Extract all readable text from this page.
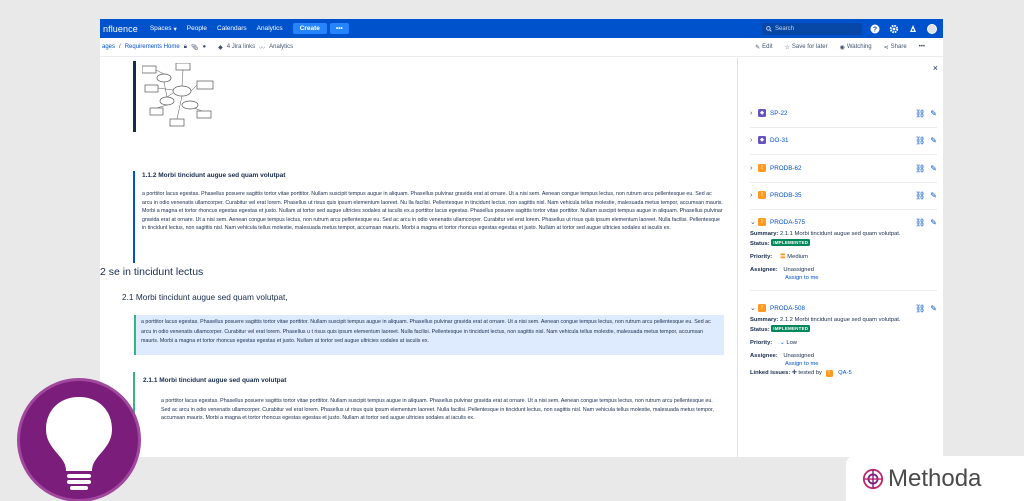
nfluence Spaces ▾ People Calendars Analytics	Create	•••	Search	?
ages / Requirements Home 🔒︎ 📎︎ ● ◆ 4 Jira links 〰 Analytics	✎ Edit ☆ Save for later ◉ Watching ⋖ Share •••
1.1.2 Morbi tincidunt augue sed quam volutpat

a porttitor lacus egestas. Phasellus posuere sagittis tortor vitae porttitor. Nullam suscipit tempus augue in aliquam. Phasellus pulvinar gravida erat at ornare. Ut a nisi sem. Aenean congue tempus lectus, non rutrum arcu pellentesque eu. Sed ac arcu in odio venenatis ullamcorper. Curabitur vel erat lorem. Phasellus ut risus quis ipsum elementum laoreet. Nu lla facilisi. Pellentesque in tincidunt lectus, non sagittis nisl. Nam vehicula tellus molestie, malesuada metus tempor, accumsan mauris. Morbi a magna et tortor rhoncus egestas egestas et justo. Nullam at tortor sed augue ultricies sodales at iaculis ex.a porttitor lacus egestas. Phasellus posuere sagittis tortor vitae porttitor. Nullam suscipit tempus augue in aliquam. Phasellus pulvinar gravida erat at ornare. Ut a nisi sem. Aenean congue tempus lectus, non rutrum arcu pellentesque eu. Sed ac arcu in odio venenatis ullamcorper. Curabitur vel erat lorem. Phasellus ut risus quis ipsum elementum laoreet. Nulla facilisi. Pellentesque in tincidunt lectus, non sagittis nisl. Nam vehicula tellus molestie, malesuada metus tempor, accumsan mauris. Morbi a magna et tortor rhoncus egestas egestas et justo. Nullam at tortor sed augue ultricies sodales at iaculis ex.

2 se in tincidunt lectus
2.1 Morbi tincidunt augue sed quam volutpat,

a porttitor lacus egestas. Phasellus posuere sagittis tortor vitae porttitor. Nullam suscipit tempus augue in aliquam. Phasellus pulvinar gravida erat at ornare. Ut a nisi sem. Aenean congue tempus lectus, non rutrum arcu pellentesque eu. Sed ac arcu in odio venenatis ullamcorper. Curabitur vel erat lorem. Phasellus u t risus quis ipsum elementum laoreet. Nulla facilisi. Pellentesque in tincidunt lectus, non sagittis nisl. Nam vehicula tellus molestie, malesuada metus tempor, accumsan mauris. Morbi a magna et tortor rhoncus egestas egestas et justo. Nullam at tortor sed augue ultricies sodales at iaculis ex.

2.1.1 Morbi tincidunt augue sed quam volutpat

a porttitor lacus egestas. Phasellus posuere sagittis tortor vitae porttitor. Nullam suscipit tempus augue in aliquam. Phasellus pulvinar gravida erat at ornare. Ut a nisi sem. Aenean congue tempus lectus, non rutrum arcu pellentesque eu. Sed ac arcu in odio venenatis ullamcorper. Curabitur vel erat lorem. Phasellus ut risus quis ipsum elementum laoreet. Nulla facilisi. Pellentesque in tincidunt lectus, non sagittis nisl. Nam vehicula tellus molestie, malesuada metus tempor, accumsan mauris. Morbi a magna et tortor rhoncus egestas egestas et justo. Nullam at tortor sed augue ultricies sodales at iaculis ex.

×
›	◆ SP-22	⛓ ✎
›	◆ DO-31	⛓ ✎
›	!	PRODB-62	⛓ ✎
›	!	PRODB-35	⛓ ✎
⌄	!	PRODA-575	⛓ ✎
Summary: 2.1.1 Morbi tincidunt augue sed quam volutpat.
Status: IMPLEMENTED
Priority: 〓 Medium
Assignee: Unassigned
Assign to me
⌄	!	PRODA-508	⛓ ✎
Summary: 2.1.2 Morbi tincidunt augue sed quam volutpat.
Status: IMPLEMENTED
Priority: ⌄ Low
Assignee: Unassigned
Assign to me
Linked issues: ✚ tested by ! QA-5
Methoda
